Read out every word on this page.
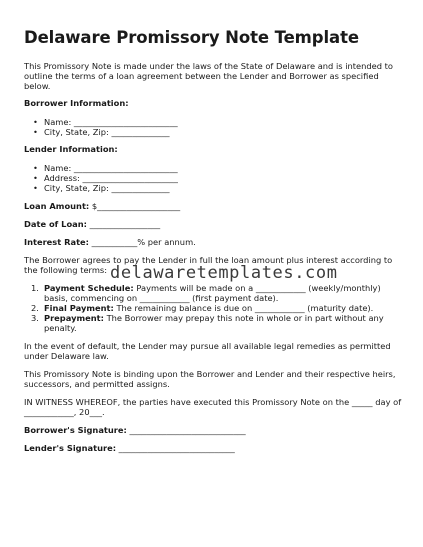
Delaware Promissory Note Template
This Promissory Note is made under the laws of the State of Delaware and is intended to
outline the terms of a loan agreement between the Lender and Borrower as specified
below.
Borrower Information:
• Name: _________________________
• City, State, Zip: ______________
Lender Information:
• Name: _________________________
• Address: _______________________
• City, State, Zip: ______________
Loan Amount: $____________________
Date of Loan: _________________
Interest Rate: ___________% per annum.
The Borrower agrees to pay the Lender in full the loan amount plus interest according to
the following terms: delawaretemplates.com
1. Payment Schedule: Payments will be made on a ____________ (weekly/monthly)
basis, commencing on ____________ (first payment date).
2. Final Payment: The remaining balance is due on ____________ (maturity date).
3. Prepayment: The Borrower may prepay this note in whole or in part without any
penalty.
In the event of default, the Lender may pursue all available legal remedies as permitted
under Delaware law.
This Promissory Note is binding upon the Borrower and Lender and their respective heirs,
successors, and permitted assigns.
IN WITNESS WHEREOF, the parties have executed this Promissory Note on the _____ day of
____________, 20___.
Borrower's Signature: ____________________________
Lender's Signature: ____________________________
